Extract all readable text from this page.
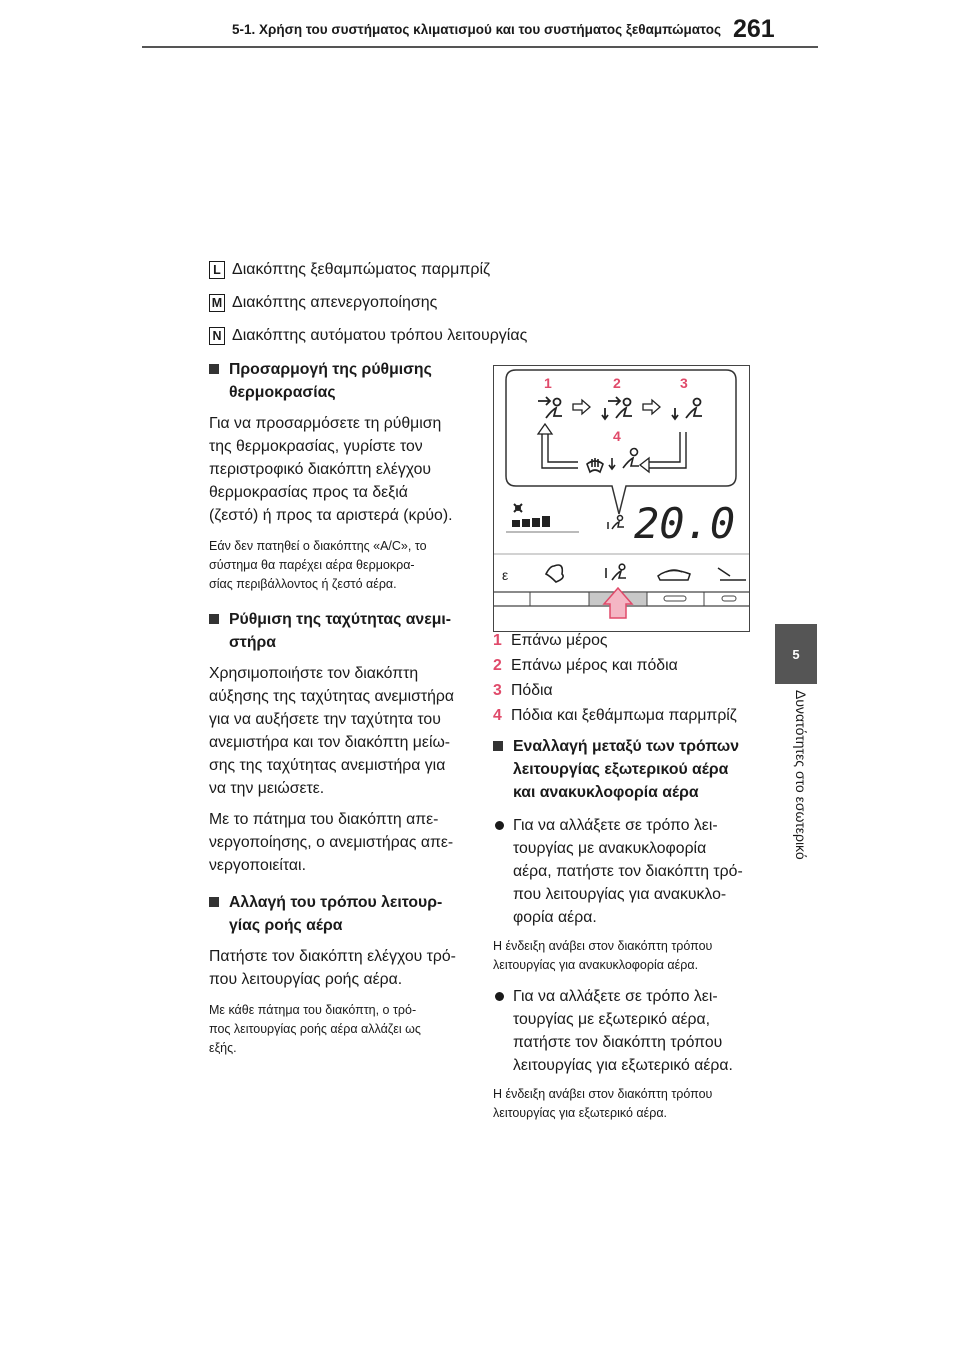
5-1. Χρήση του συστήματος κλιματισμού και του συστήματος ξεθαμπώματος 261
5
Δυνατότητες στο εσωτερικό
L Διακόπτης ξεθαμπώματος παρμπρίζ
M Διακόπτης απενεργοποίησης
N Διακόπτης αυτόματου τρόπου λειτουργίας
Προσαρμογή της ρύθμισης
θερμοκρασίας
Για να προσαρμόσετε τη ρύθμιση
της θερμοκρασίας, γυρίστε τον
περιστροφικό διακόπτη ελέγχου
θερμοκρασίας προς τα δεξιά
(ζεστό) ή προς τα αριστερά (κρύο).
Εάν δεν πατηθεί ο διακόπτης «A/C», το
σύστημα θα παρέχει αέρα θερμοκρα-
σίας περιβάλλοντος ή ζεστό αέρα.
Ρύθμιση της ταχύτητας ανεμι-
στήρα
Χρησιμοποιήστε τον διακόπτη
αύξησης της ταχύτητας ανεμιστήρα
για να αυξήσετε την ταχύτητα του
ανεμιστήρα και τον διακόπτη μείω-
σης της ταχύτητας ανεμιστήρα για
να την μειώσετε.
Με το πάτημα του διακόπτη απε-
νεργοποίησης, ο ανεμιστήρας απε-
νεργοποιείται.
Αλλαγή του τρόπου λειτουρ-
γίας ροής αέρα
Πατήστε τον διακόπτη ελέγχου τρό-
που λειτουργίας ροής αέρα.
Με κάθε πάτημα του διακόπτη, ο τρό-
πος λειτουργίας ροής αέρα αλλάζει ως
εξής.
1	2	3
4
20.0
ε
1 Επάνω μέρος
2 Επάνω μέρος και πόδια
3 Πόδια
4 Πόδια και ξεθάμπωμα παρμπρίζ
Εναλλαγή μεταξύ των τρόπων
λειτουργίας εξωτερικού αέρα
και ανακυκλοφορία αέρα
Για να αλλάξετε σε τρόπο λει-
τουργίας με ανακυκλοφορία
αέρα, πατήστε τον διακόπτη τρό-
που λειτουργίας για ανακυκλο-
φορία αέρα.
Η ένδειξη ανάβει στον διακόπτη τρόπου
λειτουργίας για ανακυκλοφορία αέρα.
Για να αλλάξετε σε τρόπο λει-
τουργίας με εξωτερικό αέρα,
πατήστε τον διακόπτη τρόπου
λειτουργίας για εξωτερικό αέρα.
Η ένδειξη ανάβει στον διακόπτη τρόπου
λειτουργίας για εξωτερικό αέρα.
